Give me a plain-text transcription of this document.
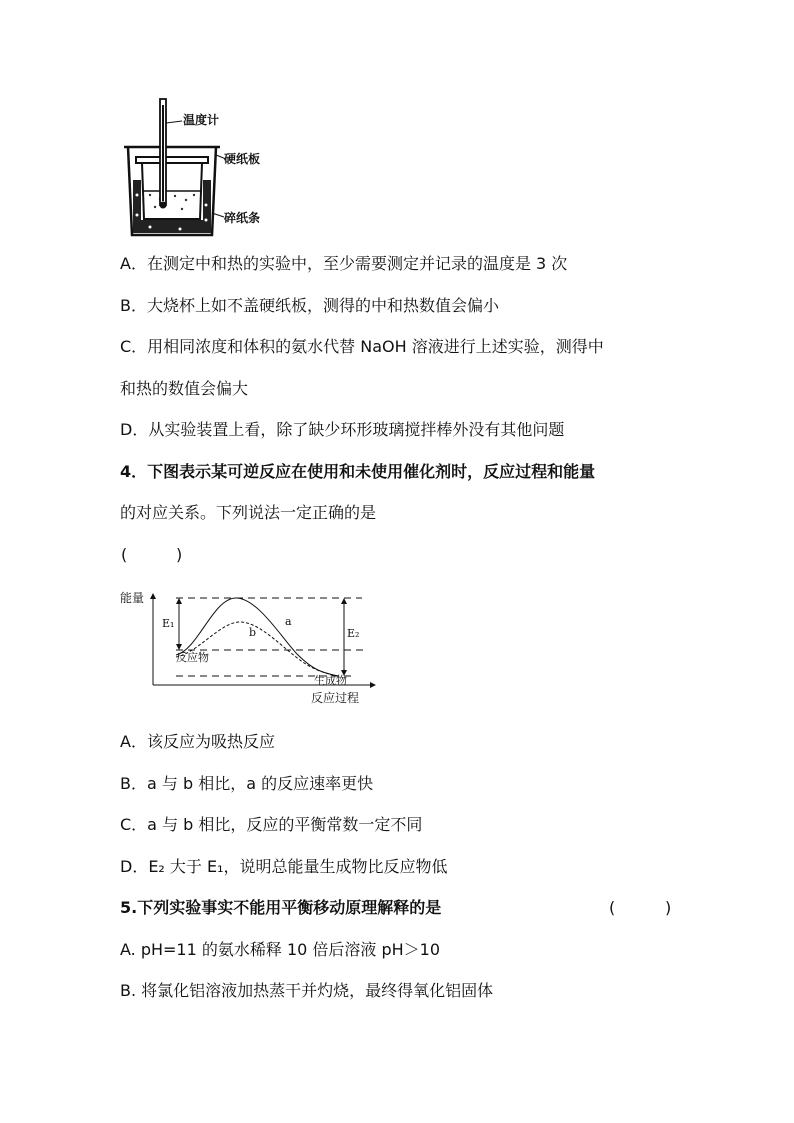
温度计
硬纸板
碎纸条
A．在测定中和热的实验中，至少需要测定并记录的温度是 3 次
B．大烧杯上如不盖硬纸板，测得的中和热数值会偏小
C．用相同浓度和体积的氨水代替 NaOH 溶液进行上述实验，测得中
和热的数值会偏大
D．从实验装置上看，除了缺少环形玻璃搅拌棒外没有其他问题
4．下图表示某可逆反应在使用和未使用催化剂时，反应过程和能量
的对应关系。下列说法一定正确的是
(	)
能量
反应过程
E₁
E₂
a
b
反应物
生成物
A．该反应为吸热反应
B．a 与 b 相比，a 的反应速率更快
C．a 与 b 相比，反应的平衡常数一定不同
D．E₂ 大于 E₁，说明总能量生成物比反应物低
5.下列实验事实不能用平衡移动原理解释的是	(	)
A. pH=11 的氨水稀释 10 倍后溶液 pH＞10
B. 将氯化铝溶液加热蒸干并灼烧，最终得氧化铝固体
